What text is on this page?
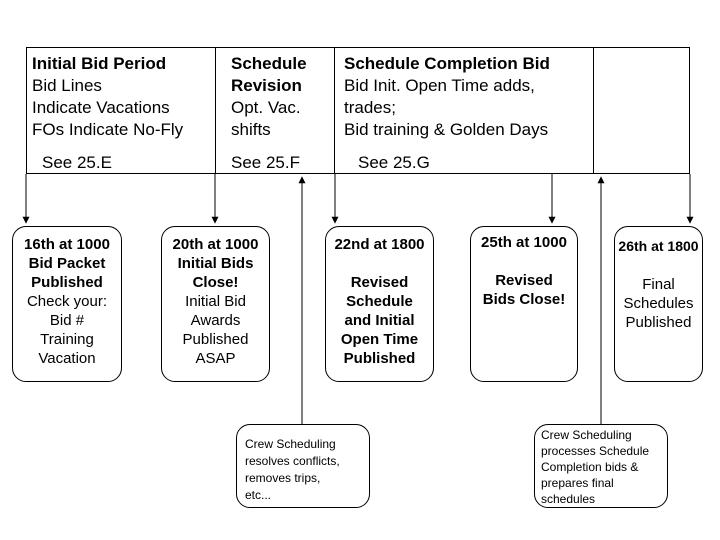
Initial Bid Period
Bid Lines
Indicate Vacations
FOs Indicate No-Fly
See 25.E
Schedule
Revision
Opt. Vac.
shifts
See 25.F
Schedule Completion Bid
Bid Init. Open Time adds,
trades;
Bid training & Golden Days
See 25.G
16th at 1000
Bid Packet
Published
Check your:
Bid #
Training
Vacation
20th at 1000
Initial Bids
Close!
Initial Bid
Awards
Published
ASAP
22nd at 1800

Revised
Schedule
and Initial
Open Time
Published
25th at 1000

Revised
Bids Close!
26th at 1800

Final
Schedules
Published
Crew Scheduling
resolves conflicts,
removes trips,
etc...
Crew Scheduling
processes Schedule
Completion bids &
prepares final
schedules
